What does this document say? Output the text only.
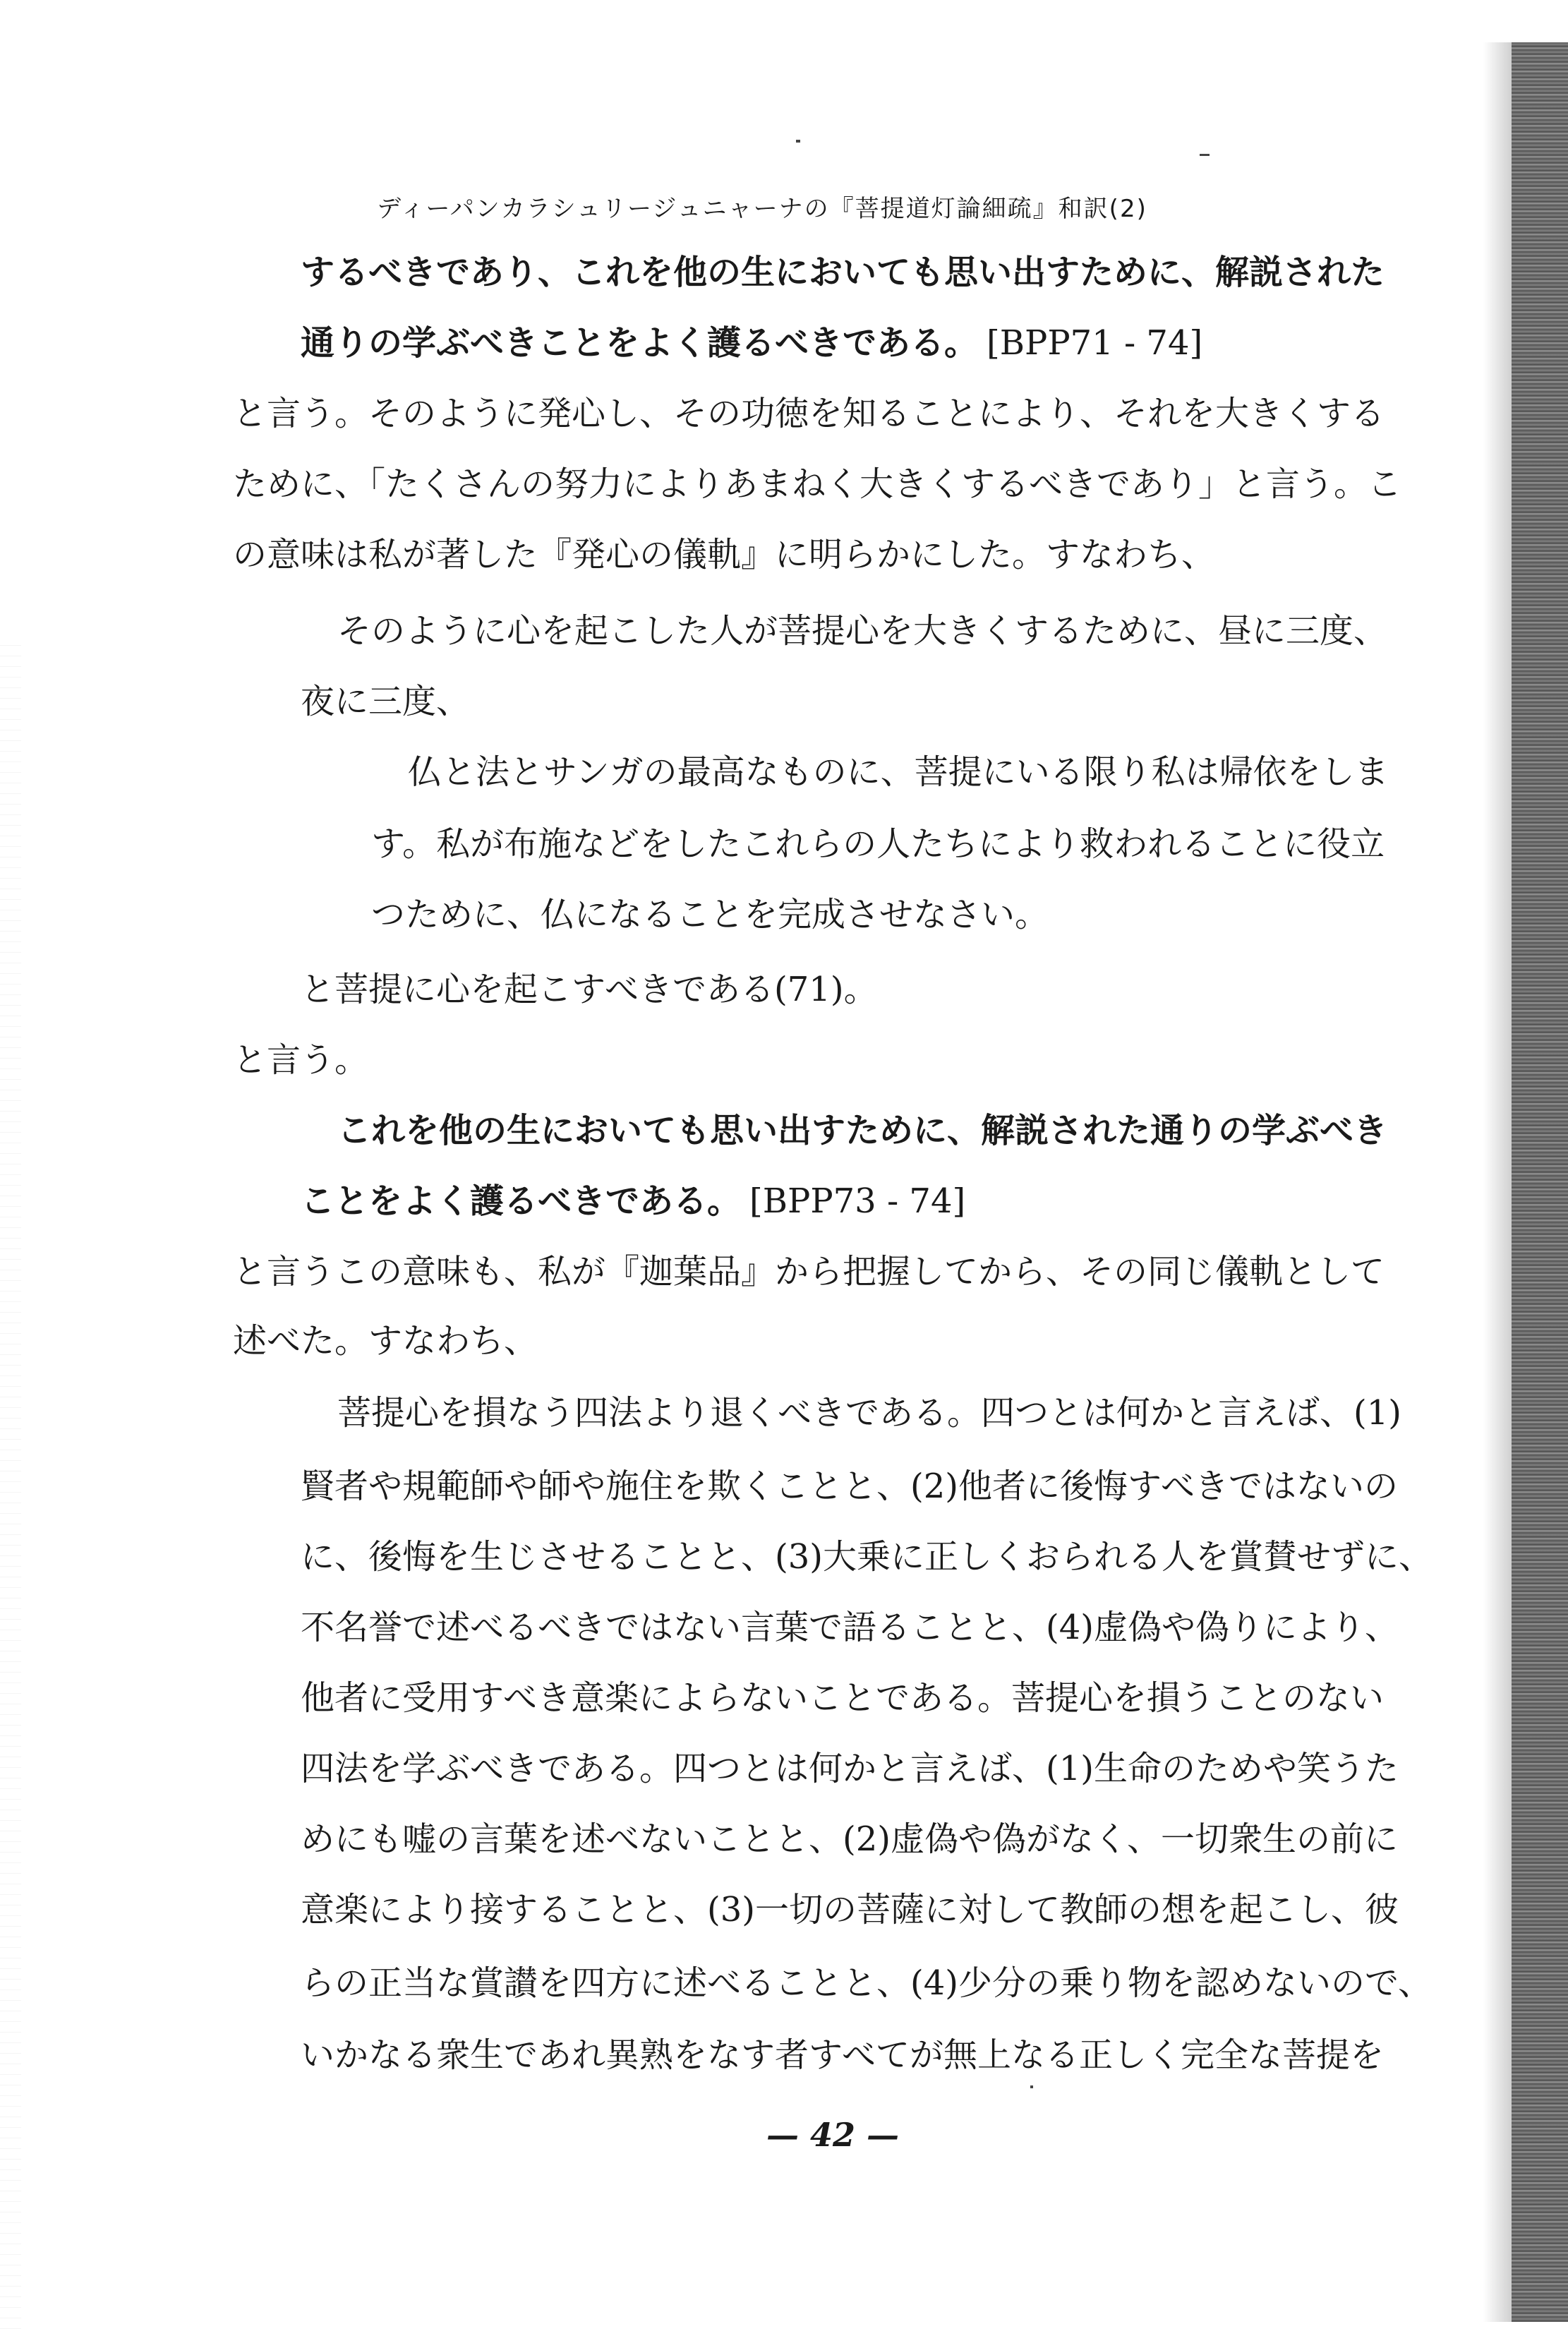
ディーパンカラシュリージュニャーナの『菩提道灯論細疏』和訳(2)
するべきであり、これを他の生においても思い出すために、解説された
通りの学ぶべきことをよく護るべきである。 [BPP71 - 74]
と言う。そのように発心し、その功徳を知ることにより、それを大きくする
ために、「たくさんの努力によりあまねく大きくするべきであり」と言う。こ
の意味は私が著した『発心の儀軌』に明らかにした。すなわち、
そのように心を起こした人が菩提心を大きくするために、昼に三度、
夜に三度、
仏と法とサンガの最高なものに、菩提にいる限り私は帰依をしま
す。私が布施などをしたこれらの人たちにより救われることに役立
つために、仏になることを完成させなさい。
と菩提に心を起こすべきである(71)。
と言う。
これを他の生においても思い出すために、解説された通りの学ぶべき
ことをよく護るべきである。 [BPP73 - 74]
と言うこの意味も、私が『迦葉品』から把握してから、その同じ儀軌として
述べた。すなわち、
菩提心を損なう四法より退くべきである。四つとは何かと言えば、(1)
賢者や規範師や師や施住を欺くことと、(2)他者に後悔すべきではないの
に、後悔を生じさせることと、(3)大乗に正しくおられる人を賞賛せずに、
不名誉で述べるべきではない言葉で語ることと、(4)虚偽や偽りにより、
他者に受用すべき意楽によらないことである。菩提心を損うことのない
四法を学ぶべきである。四つとは何かと言えば、(1)生命のためや笑うた
めにも嘘の言葉を述べないことと、(2)虚偽や偽がなく、一切衆生の前に
意楽により接することと、(3)一切の菩薩に対して教師の想を起こし、彼
らの正当な賞讃を四方に述べることと、(4)少分の乗り物を認めないので、
いかなる衆生であれ異熟をなす者すべてが無上なる正しく完全な菩提を
— 42 —
